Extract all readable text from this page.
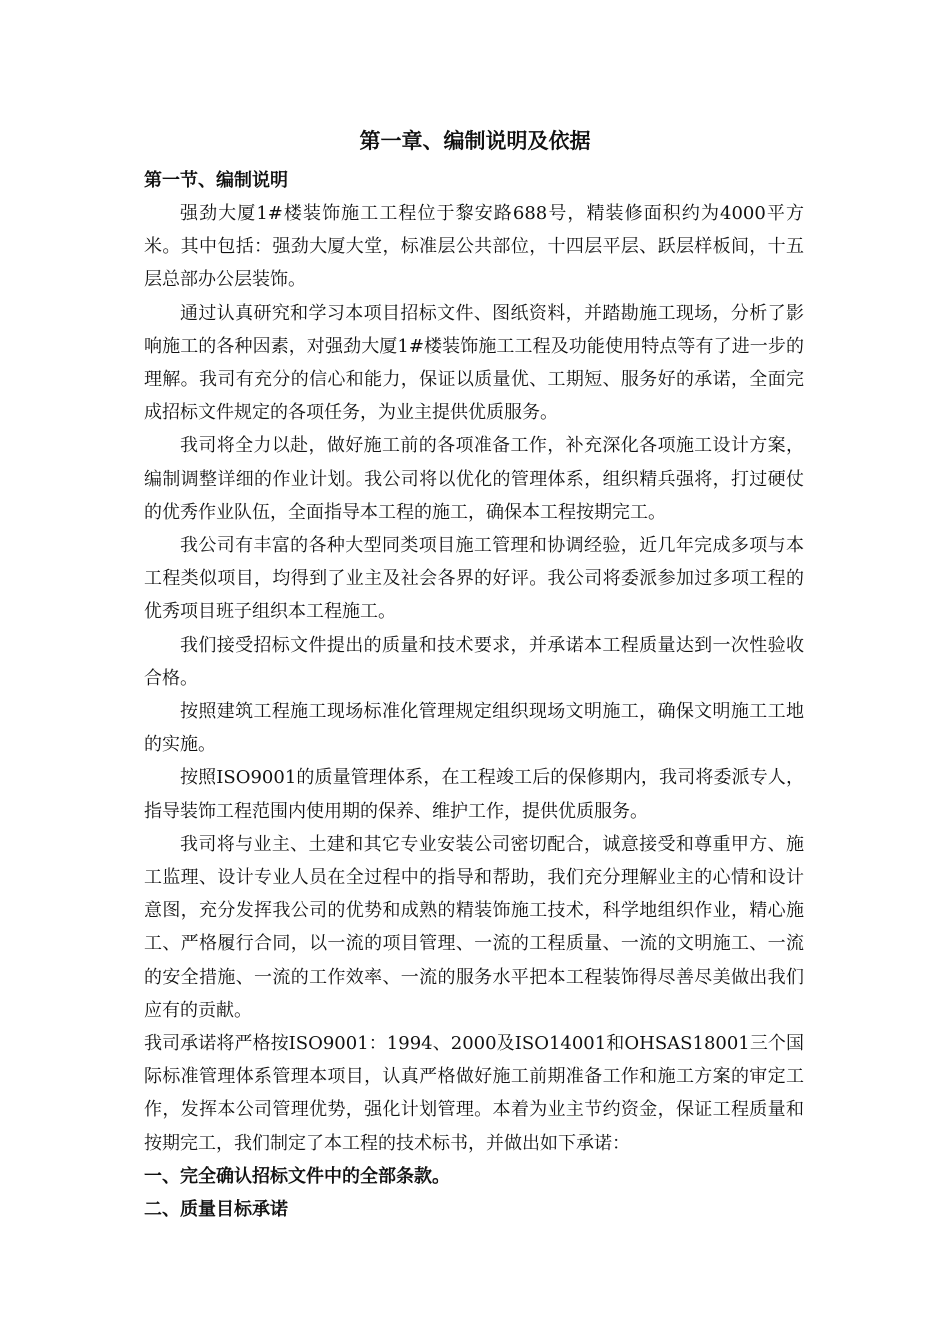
第一章、编制说明及依据
第一节、编制说明

强劲大厦1#楼装饰施工工程位于黎安路688号，精装修面积约为4000平方米。其中包括：强劲大厦大堂，标准层公共部位，十四层平层、跃层样板间，十五层总部办公层装饰。

通过认真研究和学习本项目招标文件、图纸资料，并踏勘施工现场，分析了影响施工的各种因素，对强劲大厦1#楼装饰施工工程及功能使用特点等有了进一步的理解。我司有充分的信心和能力，保证以质量优、工期短、服务好的承诺，全面完成招标文件规定的各项任务，为业主提供优质服务。

我司将全力以赴，做好施工前的各项准备工作，补充深化各项施工设计方案，编制调整详细的作业计划。我公司将以优化的管理体系，组织精兵强将，打过硬仗的优秀作业队伍，全面指导本工程的施工，确保本工程按期完工。

我公司有丰富的各种大型同类项目施工管理和协调经验，近几年完成多项与本工程类似项目，均得到了业主及社会各界的好评。我公司将委派参加过多项工程的优秀项目班子组织本工程施工。

我们接受招标文件提出的质量和技术要求，并承诺本工程质量达到一次性验收合格。

按照建筑工程施工现场标准化管理规定组织现场文明施工，确保文明施工工地的实施。

按照ISO9001的质量管理体系，在工程竣工后的保修期内，我司将委派专人，指导装饰工程范围内使用期的保养、维护工作，提供优质服务。

我司将与业主、土建和其它专业安装公司密切配合，诚意接受和尊重甲方、施工监理、设计专业人员在全过程中的指导和帮助，我们充分理解业主的心情和设计意图，充分发挥我公司的优势和成熟的精装饰施工技术，科学地组织作业，精心施工、严格履行合同，以一流的项目管理、一流的工程质量、一流的文明施工、一流的安全措施、一流的工作效率、一流的服务水平把本工程装饰得尽善尽美做出我们应有的贡献。

我司承诺将严格按ISO9001：1994、2000及ISO14001和OHSAS18001三个国际标准管理体系管理本项目，认真严格做好施工前期准备工作和施工方案的审定工作，发挥本公司管理优势，强化计划管理。本着为业主节约资金，保证工程质量和按期完工，我们制定了本工程的技术标书，并做出如下承诺：

一、完全确认招标文件中的全部条款。

二、质量目标承诺
